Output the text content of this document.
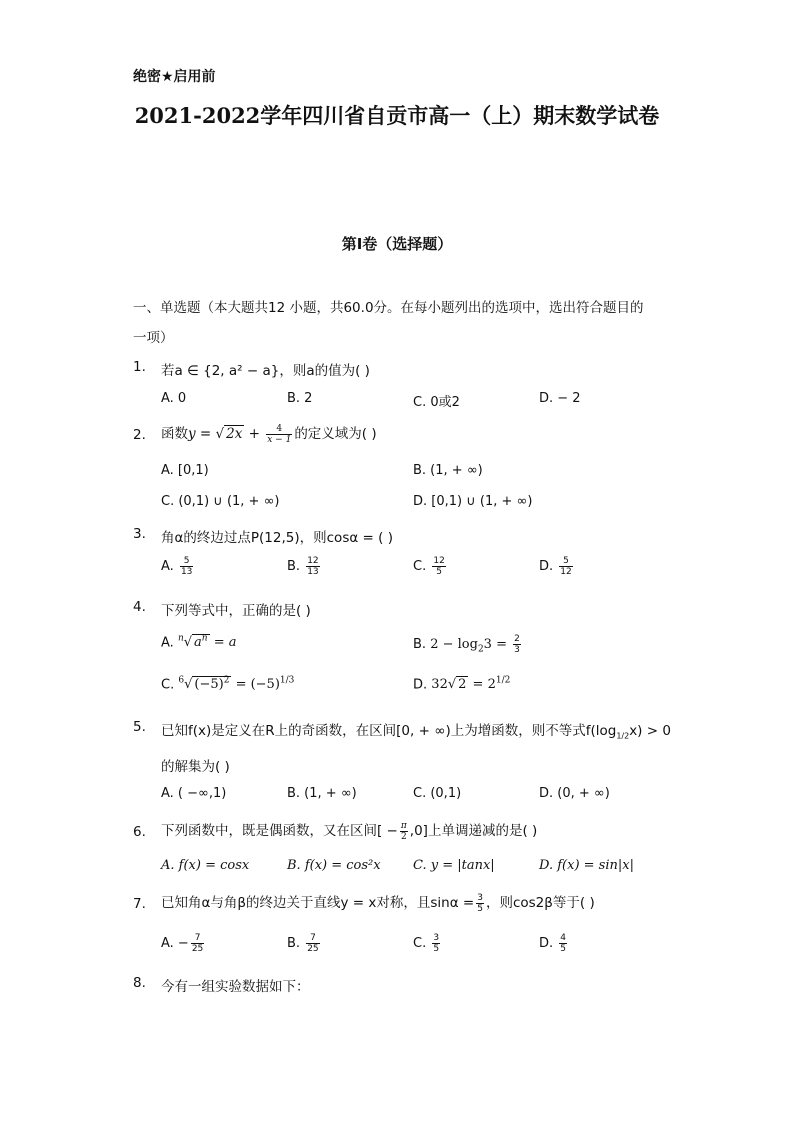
绝密★启用前
2021-2022学年四川省自贡市高一（上）期末数学试卷
第I卷（选择题）
一、单选题（本大题共12 小题，共60.0分。在每小题列出的选项中，选出符合题目的
一项）
1. 若a ∈ {2, a² − a}，则a的值为( )
A. 0	B. 2	C. 0或2	D. − 2
2. 函数y = √ $2x + \frac{4}{x - 1}$ 的定义域为( )
A. [0,1)	B. (1, + ∞)
C. (0,1) ∪ (1, + ∞)	D. [0,1) ∪ (1, + ∞)
3. 角α的终边过点P(12,5)，则cosα = ( )
A. $\frac{5}{13}$	B. $\frac{12}{13}$	C. $\frac{12}{5}$	D. $\frac{5}{12}$
4. 下列等式中，正确的是( )
A. $^n$√ $a^n = a$	B. $2 - \log_23 = \frac{2}{3}$
C. $^6$√ $(-5)^2 = (-5)^{1/3}$	D. 32√ $2 = 2^{1/2}$
5. 已知f(x)是定义在R上的奇函数，在区间[0, + ∞)上为增函数，则不等式$f(\log_{1/2}x) > 0$
的解集为( )
A. ( −∞,1)	B. (1, + ∞)	C. (0,1)	D. (0, + ∞)
6. 下列函数中，既是偶函数，又在区间[ − $\frac{\pi}{2} ,0$]上单调递减的是( )
A. f(x) = cosx	B. f(x) = cos²x C. y = |tanx|	D. f(x) = sin|x|
7. 已知角α与角β的终边关于直线y = x对称，且$\sin\alpha = \frac{3}{5}$ ，则cos2β等于( )
A. − $\frac{7}{25}$	B. $\frac{7}{25}$	C. $\frac{3}{5}$	D. $\frac{4}{5}$
8. 今有一组实验数据如下：
